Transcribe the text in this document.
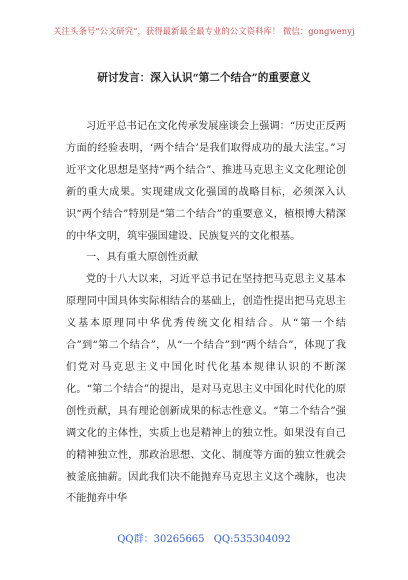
关注头条号“公文研究”，获得最新最全最专业的公文资料库！ 微信：gongwenyj
研讨发言：深入认识“第二个结合”的重要意义

习近平总书记在文化传承发展座谈会上强调：“历史正反两方面的经验表明，‘两个结合’是我们取得成功的最大法宝。”习近平文化思想是坚持“两个结合”、推进马克思主义文化理论创新的重大成果。实现建成文化强国的战略目标，必须深入认识“两个结合”特别是“第二个结合”的重要意义，植根博大精深的中华文明，筑牢强国建设、民族复兴的文化根基。

一、具有重大原创性贡献

党的十八大以来，习近平总书记在坚持把马克思主义基本原理同中国具体实际相结合的基础上，创造性提出把马克思主义基本原理同中华优秀传统文化相结合。从“第一个结合”到“第二个结合”，从“一个结合”到“两个结合”，体现了我们党对马克思主义中国化时代化基本规律认识的不断深化。“第二个结合”的提出，是对马克思主义中国化时代化的原创性贡献，具有理论创新成果的标志性意义。“第二个结合”强调文化的主体性，实质上也是精神上的独立性。如果没有自己的精神独立性，那政治思想、文化、制度等方面的独立性就会被釜底抽薪。因此我们决不能抛弃马克思主义这个魂脉，也决不能抛弃中华

QQ群：30265665 QQ:535304092
